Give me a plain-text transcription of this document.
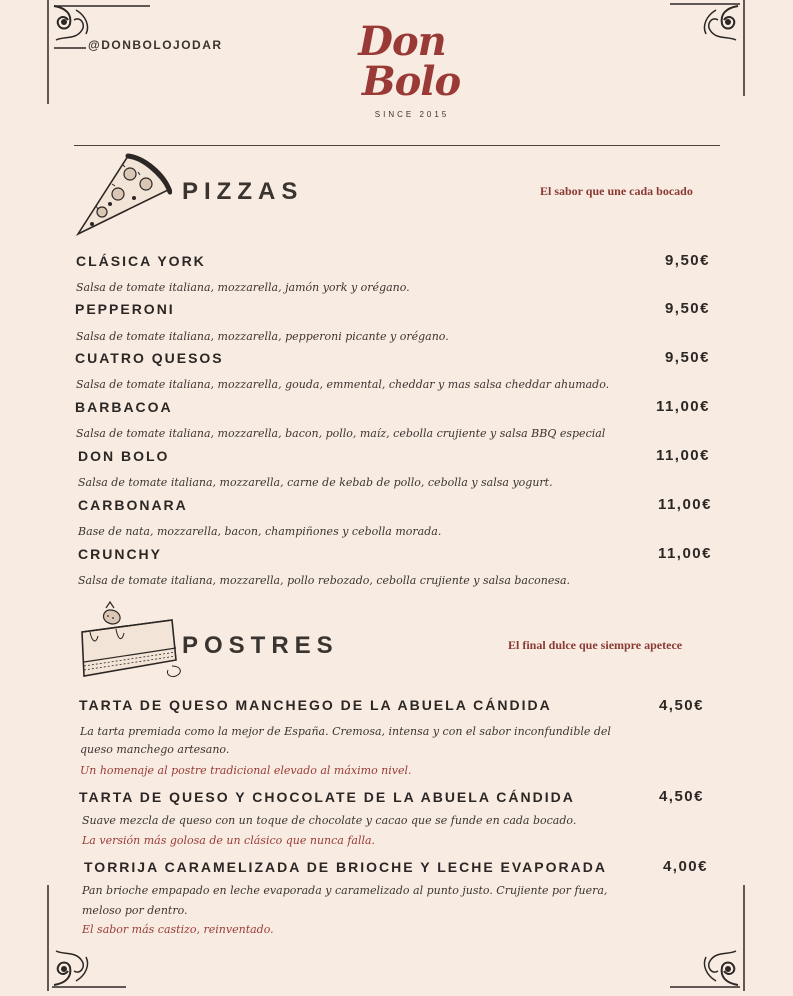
@DONBOLOJODAR	Don
Bolo
SINCE 2015
PIZZAS	El sabor que une cada bocado
CLÁSICA YORK	9,50€
Salsa de tomate italiana, mozzarella, jamón york y orégano.
PEPPERONI	9,50€
Salsa de tomate italiana, mozzarella, pepperoni picante y orégano.
CUATRO QUESOS	9,50€
Salsa de tomate italiana, mozzarella, gouda, emmental, cheddar y mas salsa cheddar ahumado.
BARBACOA	11,00€
Salsa de tomate italiana, mozzarella, bacon, pollo, maíz, cebolla crujiente y salsa BBQ especial
DON BOLO	11,00€
Salsa de tomate italiana, mozzarella, carne de kebab de pollo, cebolla y salsa yogurt.
CARBONARA	11,00€
Base de nata, mozzarella, bacon, champiñones y cebolla morada.
CRUNCHY	11,00€
Salsa de tomate italiana, mozzarella, pollo rebozado, cebolla crujiente y salsa baconesa.
POSTRES	El final dulce que siempre apetece
TARTA DE QUESO MANCHEGO DE LA ABUELA CÁNDIDA	4,50€
La tarta premiada como la mejor de España. Cremosa, intensa y con el sabor inconfundible del
queso manchego artesano.
Un homenaje al postre tradicional elevado al máximo nivel.
TARTA DE QUESO Y CHOCOLATE DE LA ABUELA CÁNDIDA	4,50€
Suave mezcla de queso con un toque de chocolate y cacao que se funde en cada bocado.
La versión más golosa de un clásico que nunca falla.
TORRIJA CARAMELIZADA DE BRIOCHE Y LECHE EVAPORADA	4,00€
Pan brioche empapado en leche evaporada y caramelizado al punto justo. Crujiente por fuera,
meloso por dentro.
El sabor más castizo, reinventado.
